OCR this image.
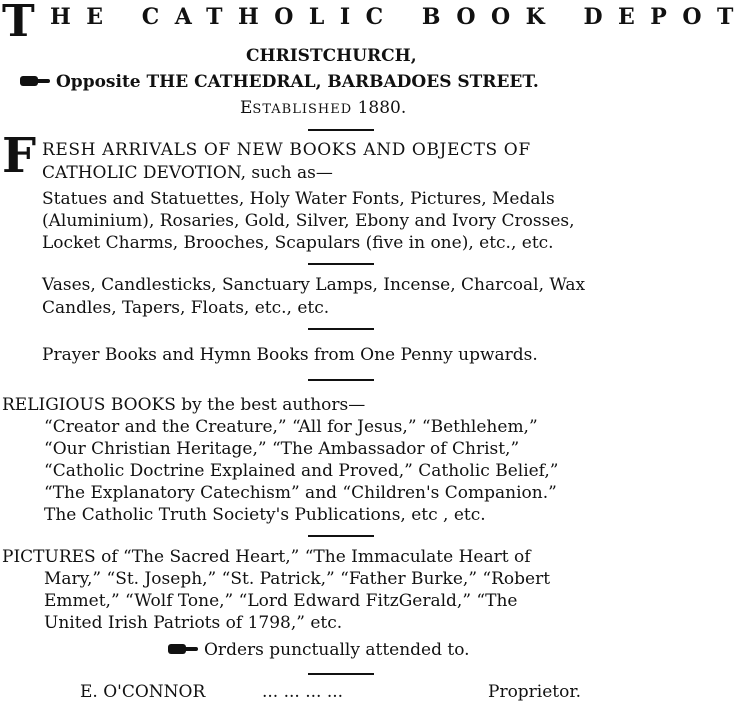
T HE CATHOLIC BOOK DEPOT
CHRISTCHURCH,
Opposite THE CATHEDRAL, BARBADOES STREET.
ESTABLISHED 1880.
F RESH ARRIVALS OF NEW BOOKS AND OBJECTS OF
CATHOLIC DEVOTION, such as—
Statues and Statuettes, Holy Water Fonts, Pictures, Medals
(Aluminium), Rosaries, Gold, Silver, Ebony and Ivory Crosses,
Locket Charms, Brooches, Scapulars (five in one), etc., etc.
Vases, Candlesticks, Sanctuary Lamps, Incense, Charcoal, Wax
Candles, Tapers, Floats, etc., etc.
Prayer Books and Hymn Books from One Penny upwards.
RELIGIOUS BOOKS by the best authors—
“Creator and the Creature,” “All for Jesus,” “Bethlehem,”
“Our Christian Heritage,” “The Ambassador of Christ,”
“Catholic Doctrine Explained and Proved,” Catholic Belief,”
“The Explanatory Catechism” and “Children's Companion.”
The Catholic Truth Society's Publications, etc , etc.
PICTURES of “The Sacred Heart,” “The Immaculate Heart of
Mary,” “St. Joseph,” “St. Patrick,” “Father Burke,” “Robert
Emmet,” “Wolf Tone,” “Lord Edward FitzGerald,” “The
United Irish Patriots of 1798,” etc.
Orders punctually attended to.
E. O'CONNOR	... ... ... ...	Proprietor.
